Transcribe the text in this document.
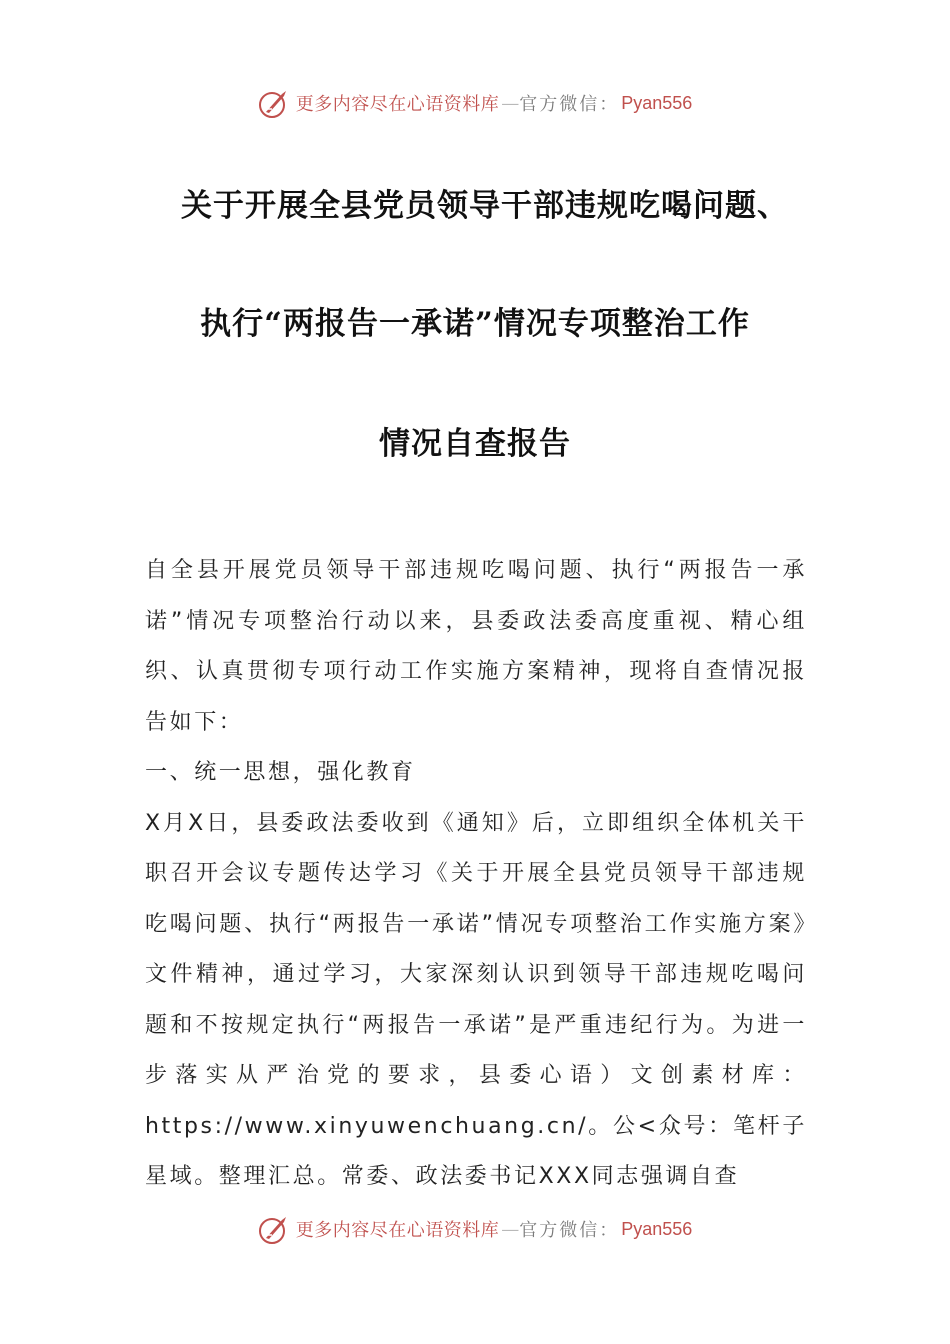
更多内容尽在心语资料库 — 官方微信： Pyan556
关于开展全县党员领导干部违规吃喝问题、
执行“两报告一承诺”情况专项整治工作
情况自查报告

自全县开展党员领导干部违规吃喝问题、执行“两报告一承诺”情况专项整治行动以来，县委政法委高度重视、精心组织、认真贯彻专项行动工作实施方案精神，现将自查情况报告如下：

一、统一思想，强化教育

X月X日，县委政法委收到《通知》后，立即组织全体机关干职召开会议专题传达学习《关于开展全县党员领导干部违规吃喝问题、执行“两报告一承诺”情况专项整治工作实施方案》文件精神，通过学习，大家深刻认识到领导干部违规吃喝问题和不按规定执行“两报告一承诺”是严重违纪行为。为进一步落实从严治党的要求，县委心语）文创素材库：https://www.xinyuwenchuang.cn/。公<众号：笔杆子星域。整理汇总。常委、政法委书记XXX同志强调自查

更多内容尽在心语资料库 — 官方微信： Pyan556
